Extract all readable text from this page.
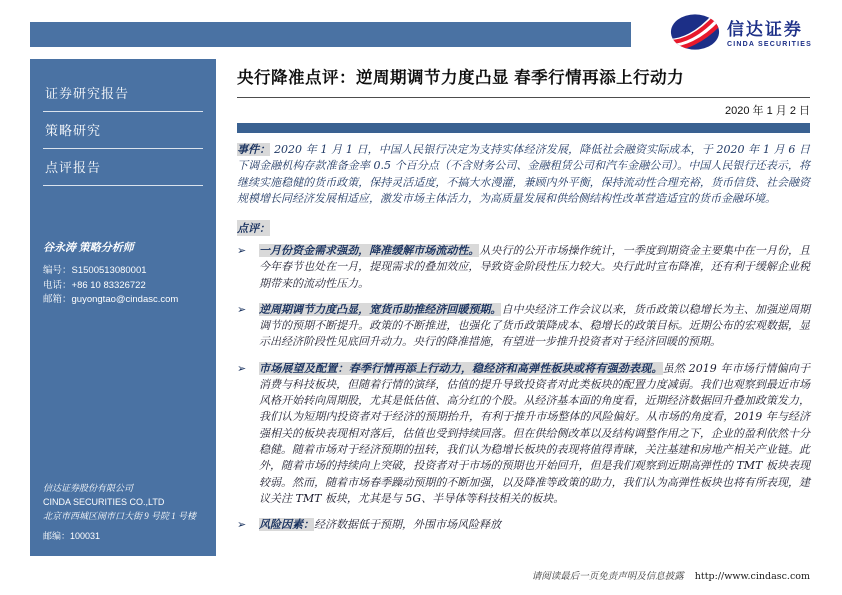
信达证券
CINDA SECURITIES
证券研究报告
策略研究
点评报告
谷永涛 策略分析师
编号：S1500513080001
电话：+86 10 83326722
邮箱：guyongtao@cindasc.com
信达证券股份有限公司
CINDA SECURITIES CO.,LTD
北京市西城区闹市口大街 9 号院 1 号楼
邮编：100031
央行降准点评：逆周期调节力度凸显 春季行情再添上行动力
2020 年 1 月 2 日

事件： 2020 年 1 月 1 日，中国人民银行决定为支持实体经济发展，降低社会融资实际成本，于 2020 年 1 月 6 日下调金融机构存款准备金率 0.5 个百分点（不含财务公司、金融租赁公司和汽车金融公司）。中国人民银行还表示，将继续实施稳健的货币政策，保持灵活适度，不搞大水漫灌，兼顾内外平衡，保持流动性合理充裕，货币信贷、社会融资规模增长同经济发展相适应，激发市场主体活力，为高质量发展和供给侧结构性改革营造适宜的货币金融环境。

点评：
➢	一月份资金需求强劲，降准缓解市场流动性。从央行的公开市场操作统计，一季度到期资金主要集中在一月份，且今年春节也处在一月，提现需求的叠加效应，导致资金阶段性压力较大。央行此时宣布降准，还有利于缓解企业税期带来的流动性压力。

➢	逆周期调节力度凸显，宽货币助推经济回暖预期。自中央经济工作会议以来，货币政策以稳增长为主、加强逆周期调节的预期不断提升。政策的不断推进，也强化了货币政策降成本、稳增长的政策目标。近期公布的宏观数据，显示出经济阶段性见底回升动力。央行的降准措施，有望进一步推升投资者对于经济回暖的预期。

➢	市场展望及配置：春季行情再添上行动力，稳经济和高弹性板块或将有强劲表现。虽然 2019 年市场行情偏向于消费与科技板块，但随着行情的演绎，估值的提升导致投资者对此类板块的配置力度减弱。我们也观察到最近市场风格开始转向周期股，尤其是低估值、高分红的个股。从经济基本面的角度看，近期经济数据回升叠加政策发力，我们认为短期内投资者对于经济的预期抬升，有利于推升市场整体的风险偏好。从市场的角度看，2019 年与经济强相关的板块表现相对落后，估值也受到持续回落。但在供给侧改革以及结构调整作用之下，企业的盈利依然十分稳健。随着市场对于经济预期的扭转，我们认为稳增长板块的表现将值得青睐，关注基建和房地产相关产业链。此外，随着市场的持续向上突破，投资者对于市场的预期也开始回升，但是我们观察到近期高弹性的 TMT 板块表现较弱。然而，随着市场春季躁动预期的不断加强，以及降准等政策的助力，我们认为高弹性板块也将有所表现，建议关注 TMT 板块，尤其是与 5G、半导体等科技相关的板块。

➢	风险因素：经济数据低于预期，外围市场风险释放

请阅读最后一页免责声明及信息披露 http://www.cindasc.com
